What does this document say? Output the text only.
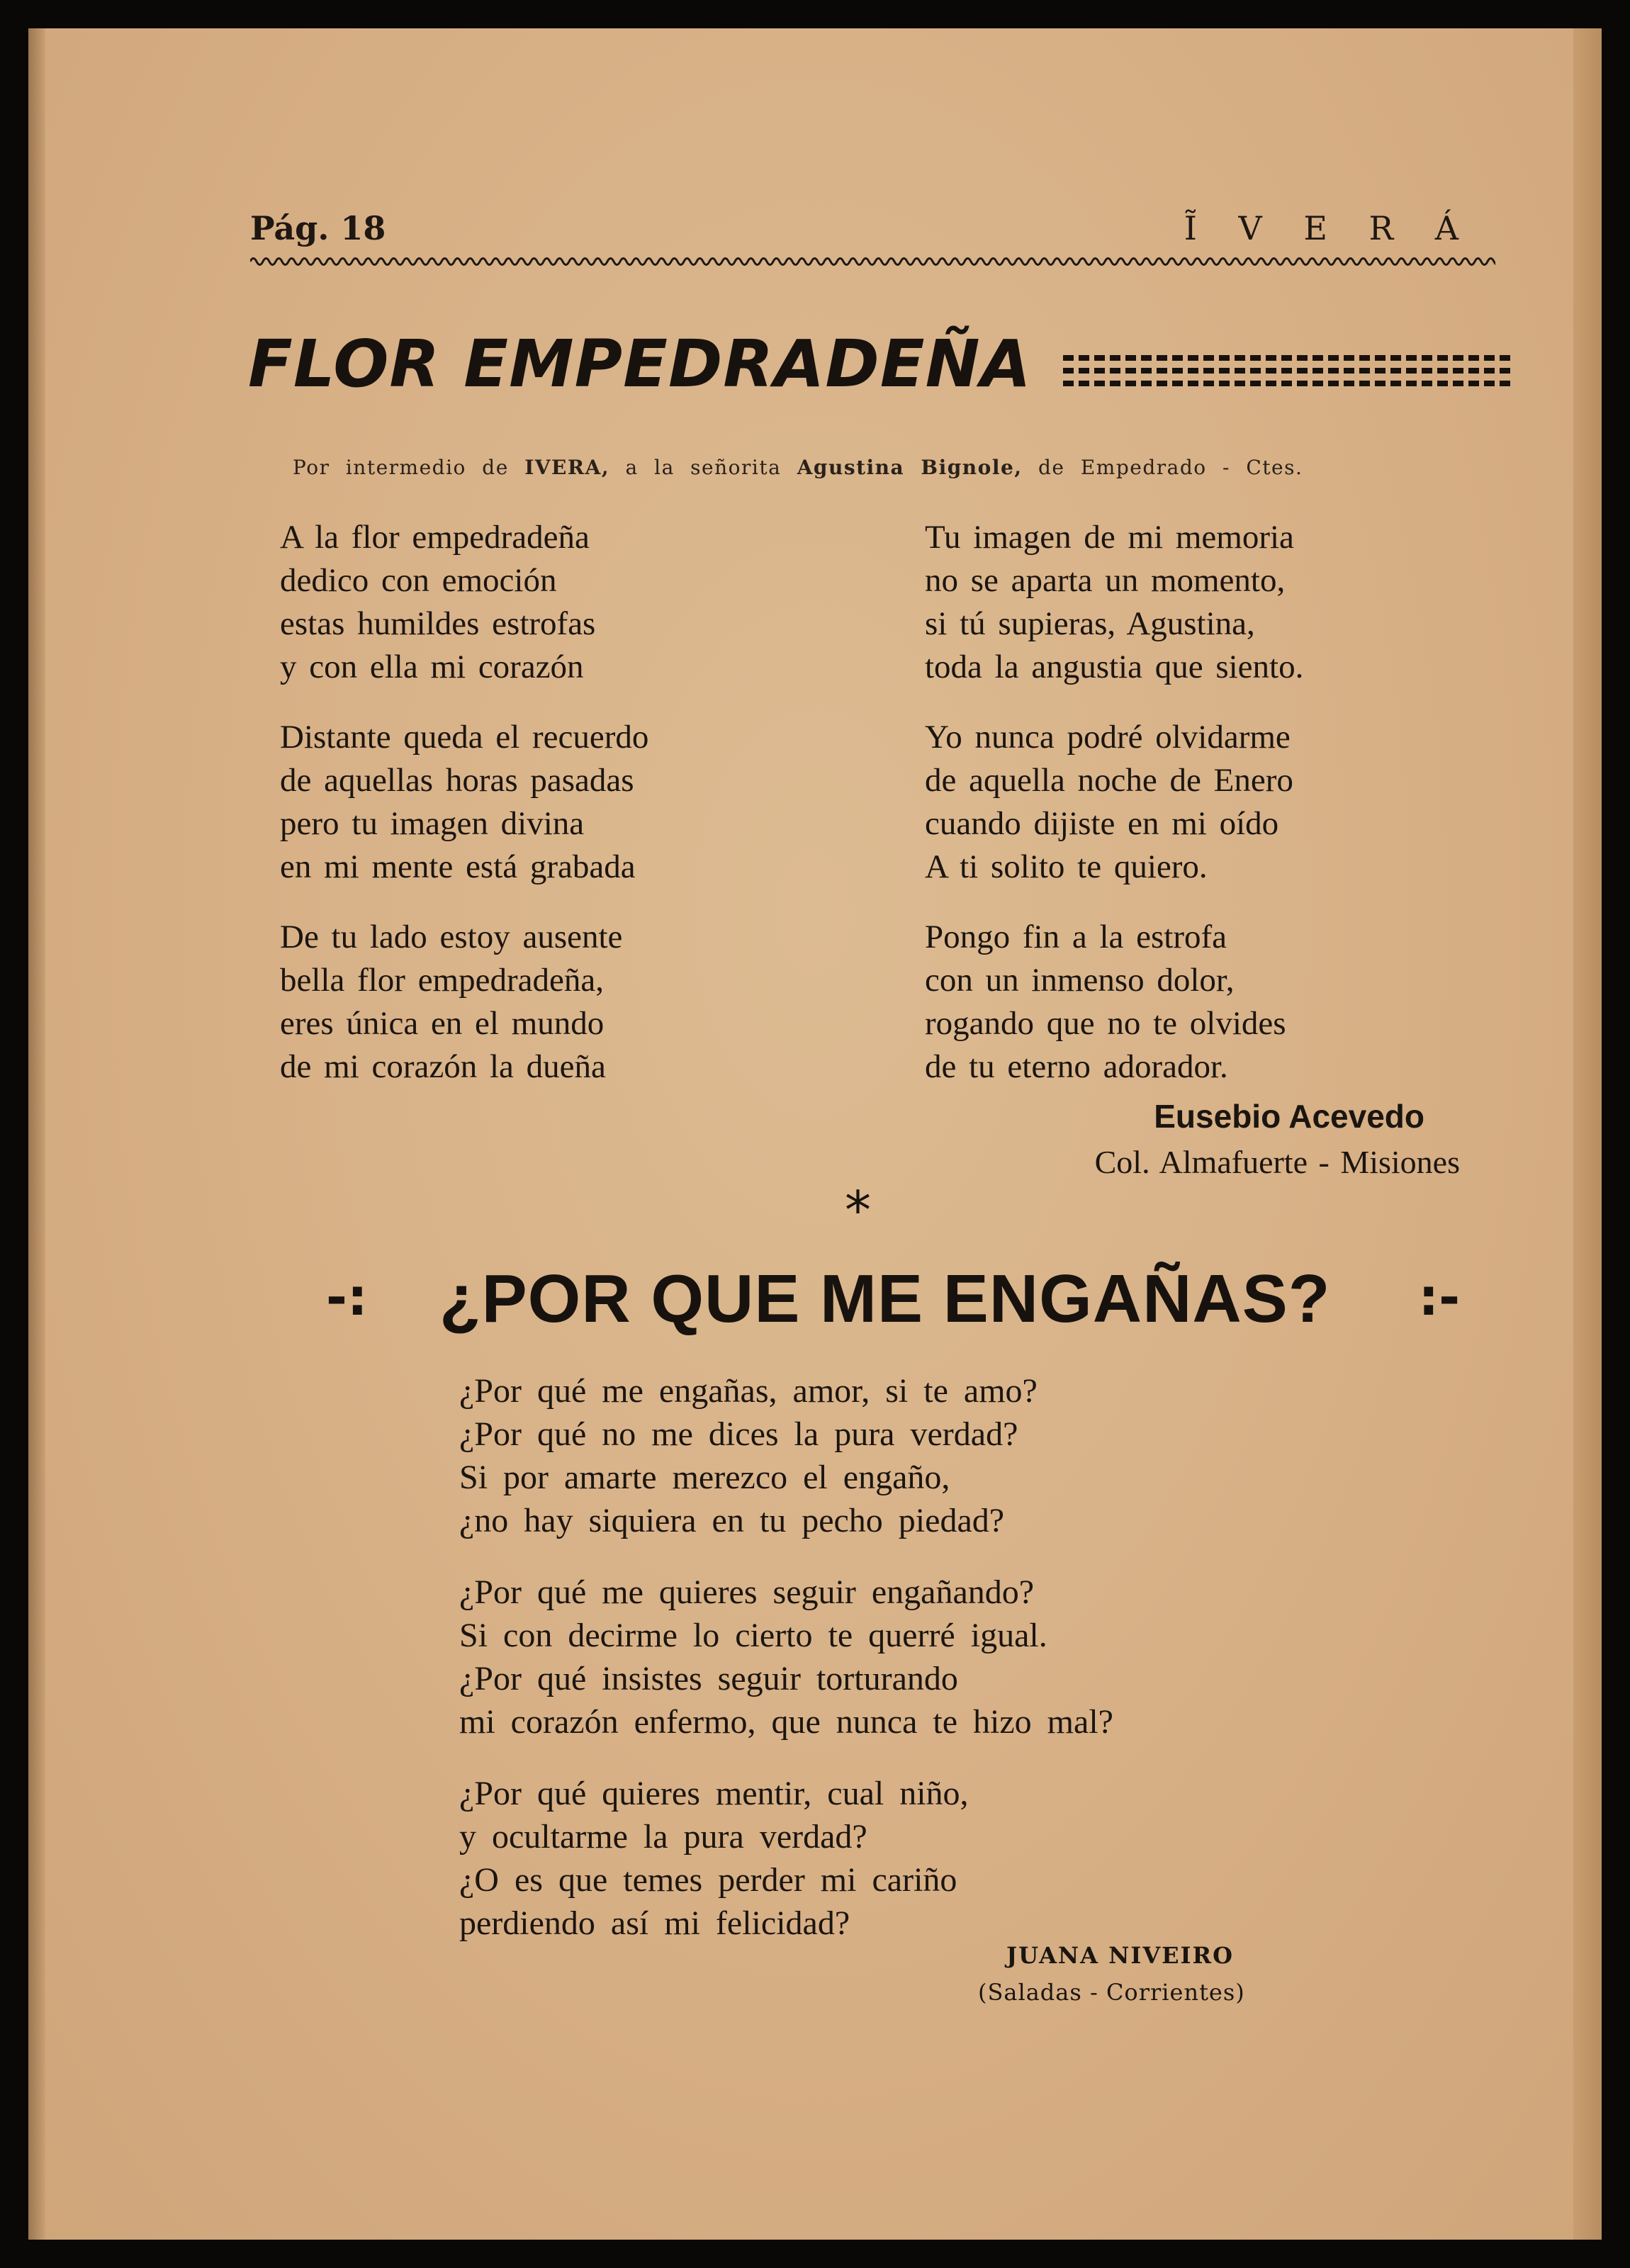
Pág. 18	Ĩ V E R Á
FLOR EMPEDRADEÑA
Por intermedio de IVERA, a la señorita Agustina Bignole, de Empedrado - Ctes.
A la flor empedradeña
dedico con emoción
estas humildes estrofas
y con ella mi corazón
Distante queda el recuerdo
de aquellas horas pasadas
pero tu imagen divina
en mi mente está grabada
De tu lado estoy ausente
bella flor empedradeña,
eres única en el mundo
de mi corazón la dueña
Tu imagen de mi memoria
no se aparta un momento,
si tú supieras, Agustina,
toda la angustia que siento.
Yo nunca podré olvidarme
de aquella noche de Enero
cuando dijiste en mi oído
A ti solito te quiero.
Pongo fin a la estrofa
con un inmenso dolor,
rogando que no te olvides
de tu eterno adorador.
Eusebio Acevedo
Col. Almafuerte - Misiones
*
-: ¿POR QUE ME ENGAÑAS? :-
¿Por qué me engañas, amor, si te amo?
¿Por qué no me dices la pura verdad?
Si por amarte merezco el engaño,
¿no hay siquiera en tu pecho piedad?
¿Por qué me quieres seguir engañando?
Si con decirme lo cierto te querré igual.
¿Por qué insistes seguir torturando
mi corazón enfermo, que nunca te hizo mal?
¿Por qué quieres mentir, cual niño,
y ocultarme la pura verdad?
¿O es que temes perder mi cariño
perdiendo así mi felicidad?
JUANA NIVEIRO
(Saladas - Corrientes)
